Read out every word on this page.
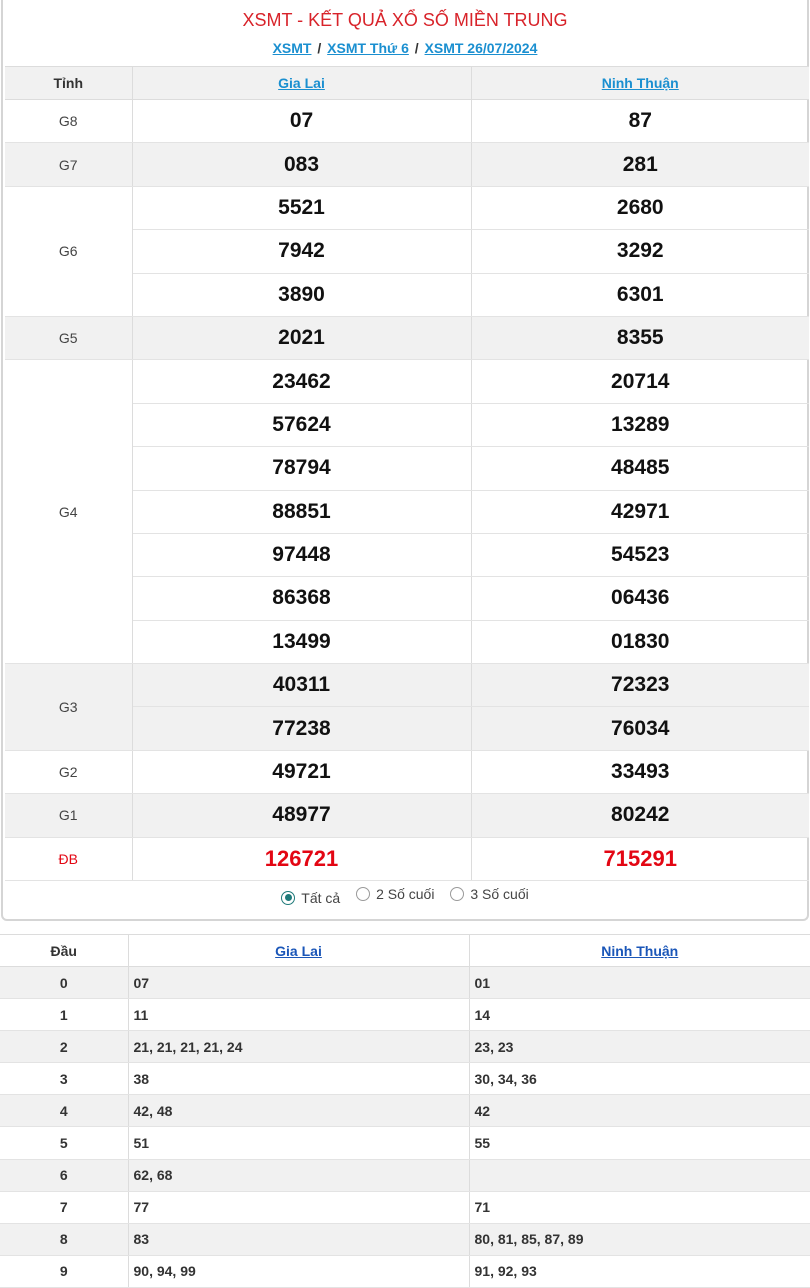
XSMT - KẾT QUẢ XỔ SỐ MIỀN TRUNG
XSMT / XSMT Thứ 6 / XSMT 26/07/2024
Tỉnh	Gia Lai	Ninh Thuận
G8	07	87
G7	083	281
G6	5521	2680
	7942	3292
	3890	6301
G5	2021	8355
G4	23462	20714
	57624	13289
	78794	48485
	88851	42971
	97448	54523
	86368	06436
	13499	01830
G3	40311	72323
	77238	76034
G2	49721	33493
G1	48977	80242
ĐB	126721	715291
Tất cả
	2 Số cuối
	3 Số cuối
Đầu	Gia Lai	Ninh Thuận
0	07	01
1	11	14
2	21, 21, 21, 21, 24	23, 23
3	38	30, 34, 36
4	42, 48	42
5	51	55
6	62, 68	
7	77	71
8	83	80, 81, 85, 87, 89
9	90, 94, 99	91, 92, 93
